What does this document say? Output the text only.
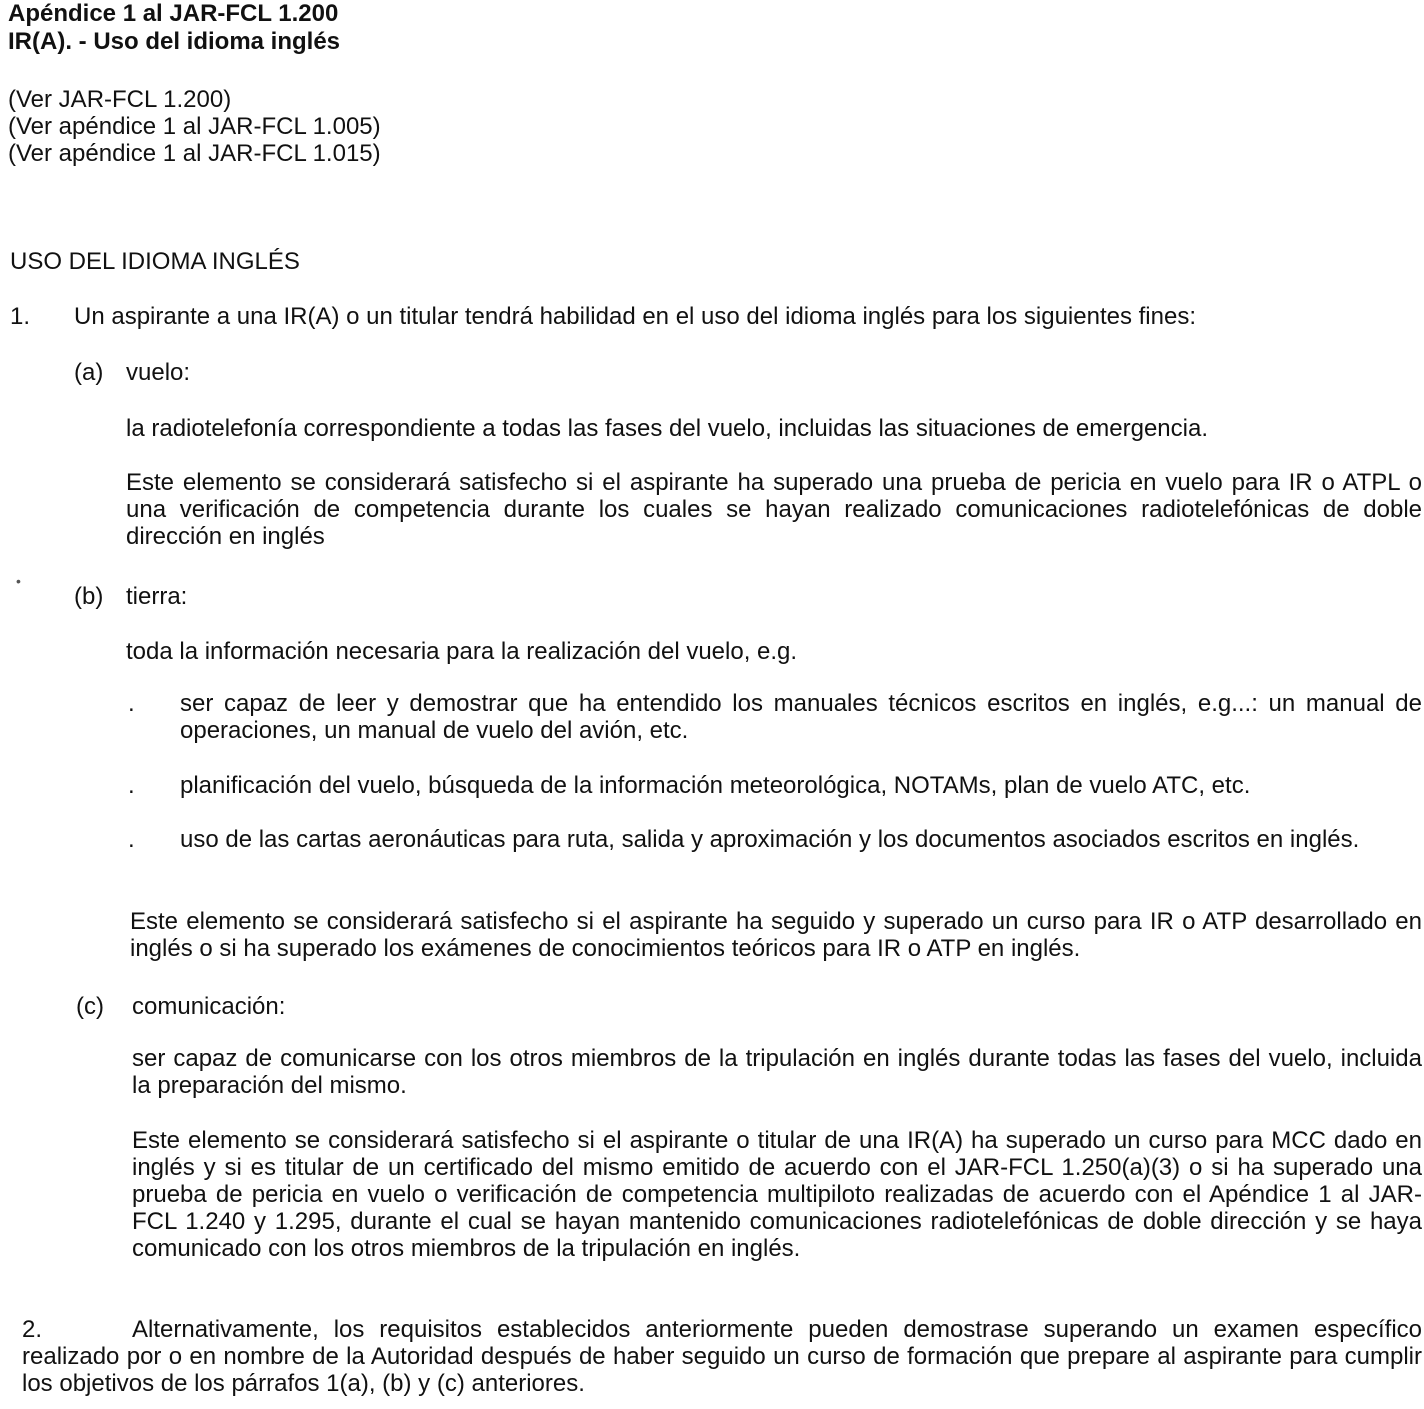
Apéndice 1 al JAR-FCL 1.200
IR(A). - Uso del idioma inglés
(Ver JAR-FCL 1.200)
(Ver apéndice 1 al JAR-FCL 1.005)
(Ver apéndice 1 al JAR-FCL 1.015)
USO DEL IDIOMA INGLÉS
1. Un aspirante a una IR(A) o un titular tendrá habilidad en el uso del idioma inglés para los siguientes fines:
(a) vuelo:
la radiotelefonía correspondiente a todas las fases del vuelo, incluidas las situaciones de emergencia.
Este elemento se considerará satisfecho si el aspirante ha superado una prueba de pericia en vuelo para IR o ATPL o una verificación de competencia durante los cuales se hayan realizado comunicaciones radiotelefónicas de doble dirección en inglés
•
(b) tierra:
toda la información necesaria para la realización del vuelo, e.g.
. ser capaz de leer y demostrar que ha entendido los manuales técnicos escritos en inglés, e.g...: un manual de operaciones, un manual de vuelo del avión, etc.
. planificación del vuelo, búsqueda de la información meteorológica, NOTAMs, plan de vuelo ATC, etc.
. uso de las cartas aeronáuticas para ruta, salida y aproximación y los documentos asociados escritos en inglés.
Este elemento se considerará satisfecho si el aspirante ha seguido y superado un curso para IR o ATP desarrollado en inglés o si ha superado los exámenes de conocimientos teóricos para IR o ATP en inglés.
(c) comunicación:
ser capaz de comunicarse con los otros miembros de la tripulación en inglés durante todas las fases del vuelo, incluida la preparación del mismo.
Este elemento se considerará satisfecho si el aspirante o titular de una IR(A) ha superado un curso para MCC dado en inglés y si es titular de un certificado del mismo emitido de acuerdo con el JAR-FCL 1.250(a)(3) o si ha superado una prueba de pericia en vuelo o verificación de competencia multipiloto realizadas de acuerdo con el Apéndice 1 al JAR-FCL 1.240 y 1.295, durante el cual se hayan mantenido comunicaciones radiotelefónicas de doble dirección y se haya comunicado con los otros miembros de la tripulación en inglés.
2.	Alternativamente, los requisitos establecidos anteriormente pueden demostrase superando un examen específico realizado por o en nombre de la Autoridad después de haber seguido un curso de formación que prepare al aspirante para cumplir los objetivos de los párrafos 1(a), (b) y (c) anteriores.
